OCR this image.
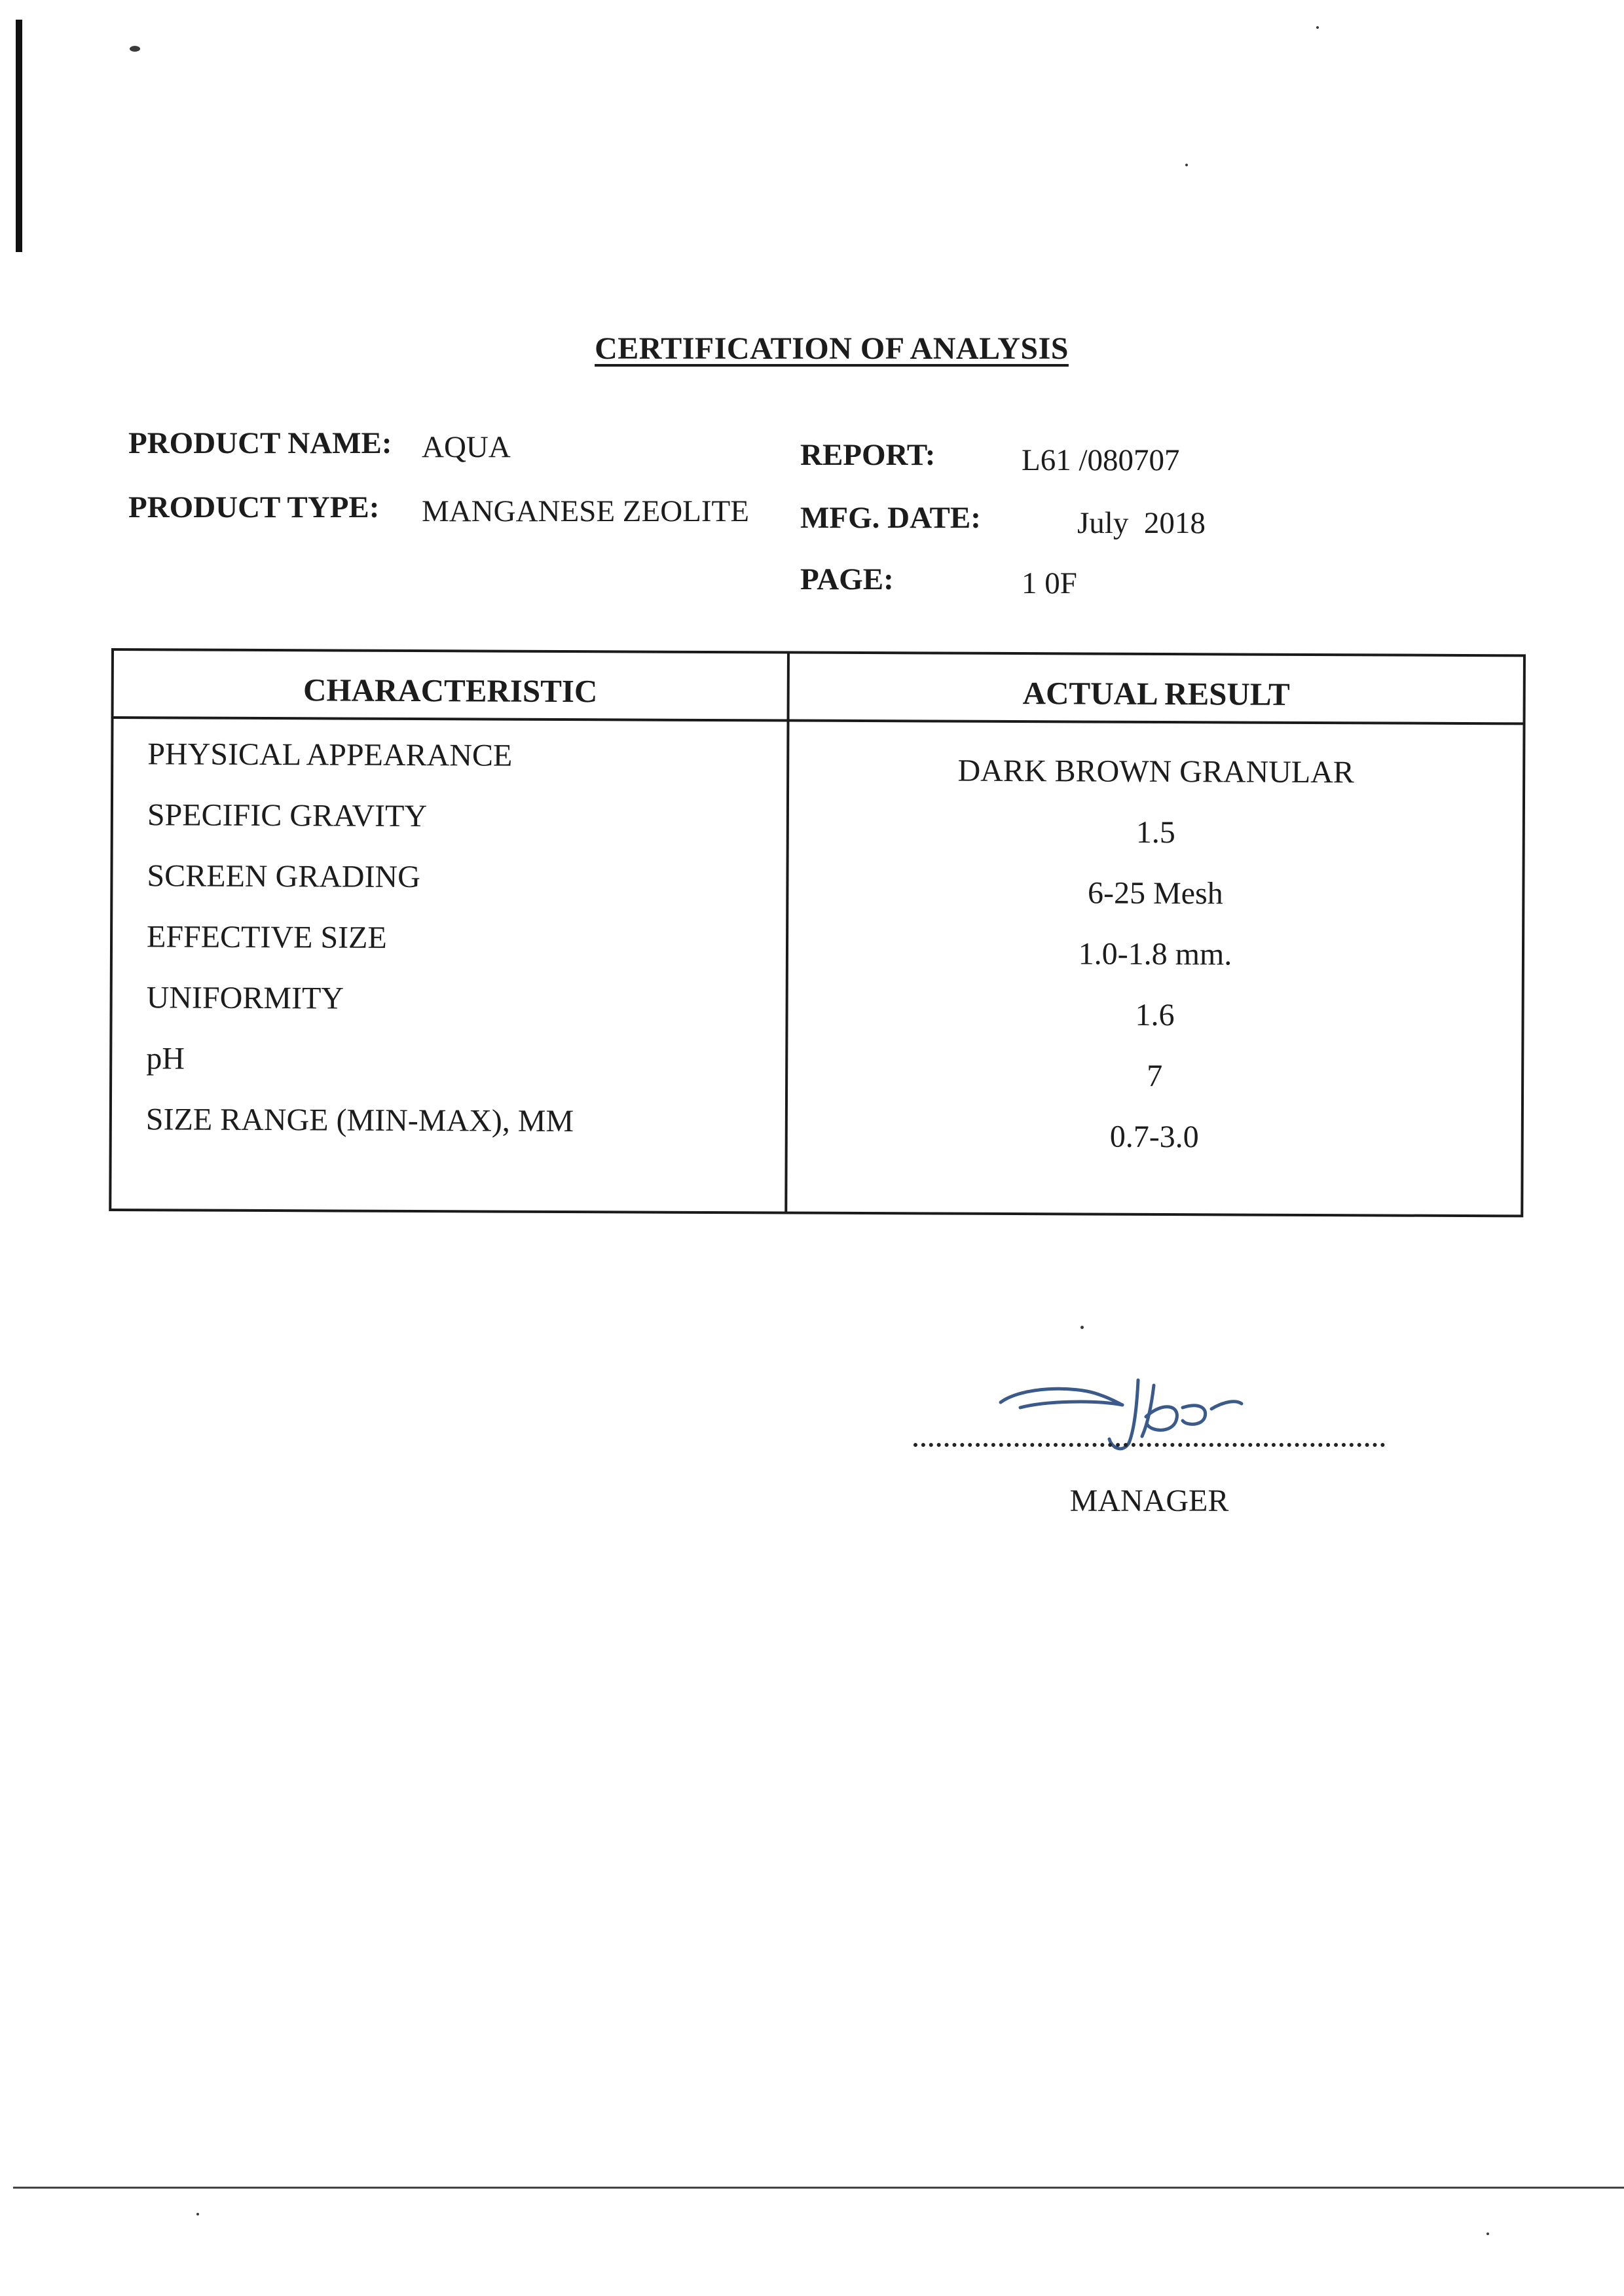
CERTIFICATION OF ANALYSIS
PRODUCT NAME: AQUA
PRODUCT TYPE: MANGANESE ZEOLITE
REPORT:	L61 /080707
MFG. DATE:	July  2018
PAGE:	1 0F
CHARACTERISTIC	ACTUAL RESULT
PHYSICAL APPEARANCE	DARK BROWN GRANULAR
SPECIFIC GRAVITY	1.5
SCREEN GRADING	6-25 Mesh
EFFECTIVE SIZE	1.0-1.8 mm.
UNIFORMITY	1.6
pH	7
SIZE RANGE (MIN-MAX), MM	0.7-3.0
MANAGER
